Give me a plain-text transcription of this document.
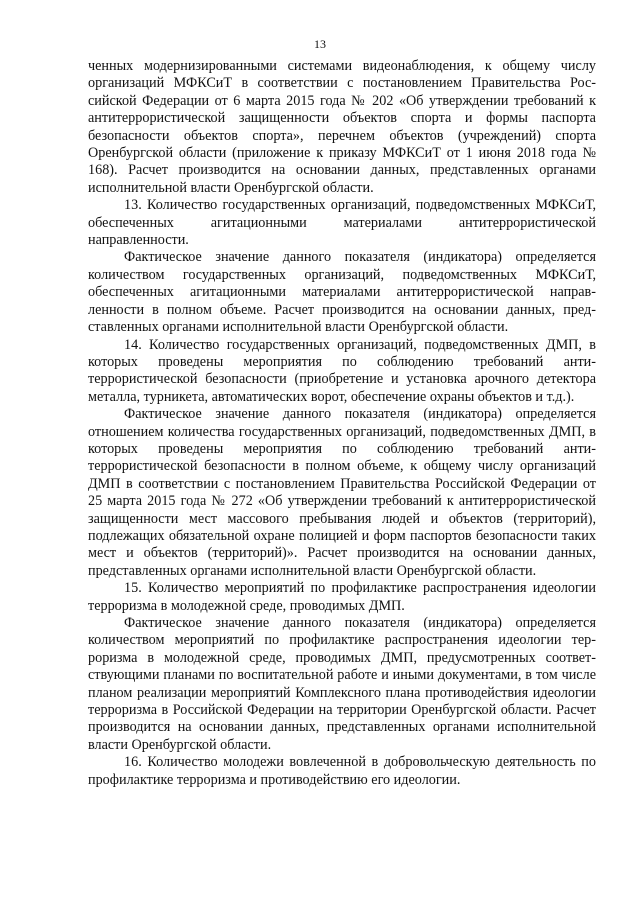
13

ченных модернизированными системами видеонаблюдения, к общему числу организаций МФКСиТ в соответствии с постановлением Правительства Российской Федерации от 6 марта 2015 года № 202 «Об утверждении требований к антитеррористической защищенности объектов спорта и формы паспорта безопасности объектов спорта», перечнем объектов (учреждений) спорта Оренбургской области (приложение к приказу МФКСиТ от 1 июня 2018 года № 168). Расчет производится на основании данных, представленных органами исполнительной власти Оренбургской области.

13. Количество государственных организаций, подведомственных МФКСиТ, обеспеченных агитационными материалами антитеррористической направленности.

Фактическое значение данного показателя (индикатора) определяется количеством государственных организаций, подведомственных МФКСиТ, обеспеченных агитационными материалами антитеррористической направленности в полном объеме. Расчет производится на основании данных, представленных органами исполнительной власти Оренбургской области.

14. Количество государственных организаций, подведомственных ДМП, в которых проведены мероприятия по соблюдению требований антитеррористической безопасности (приобретение и установка арочного детектора металла, турникета, автоматических ворот, обеспечение охраны объектов и т.д.).

Фактическое значение данного показателя (индикатора) определяется отношением количества государственных организаций, подведомственных ДМП, в которых проведены мероприятия по соблюдению требований антитеррористической безопасности в полном объеме, к общему числу организаций ДМП в соответствии с постановлением Правительства Российской Федерации от 25 марта 2015 года № 272 «Об утверждении требований к антитеррористической защищенности мест массового пребывания людей и объектов (территорий), подлежащих обязательной охране полицией и форм паспортов безопасности таких мест и объектов (территорий)». Расчет производится на основании данных, представленных органами исполнительной власти Оренбургской области.

15. Количество мероприятий по профилактике распространения идеологии терроризма в молодежной среде, проводимых ДМП.

Фактическое значение данного показателя (индикатора) определяется количеством мероприятий по профилактике распространения идеологии терроризма в молодежной среде, проводимых ДМП, предусмотренных соответствующими планами по воспитательной работе и иными документами, в том числе планом реализации мероприятий Комплексного плана противодействия идеологии терроризма в Российской Федерации на территории Оренбургской области. Расчет производится на основании данных, представленных органами исполнительной власти Оренбургской области.

16. Количество молодежи вовлеченной в добровольческую деятельность по профилактике терроризма и противодействию его идеологии.
